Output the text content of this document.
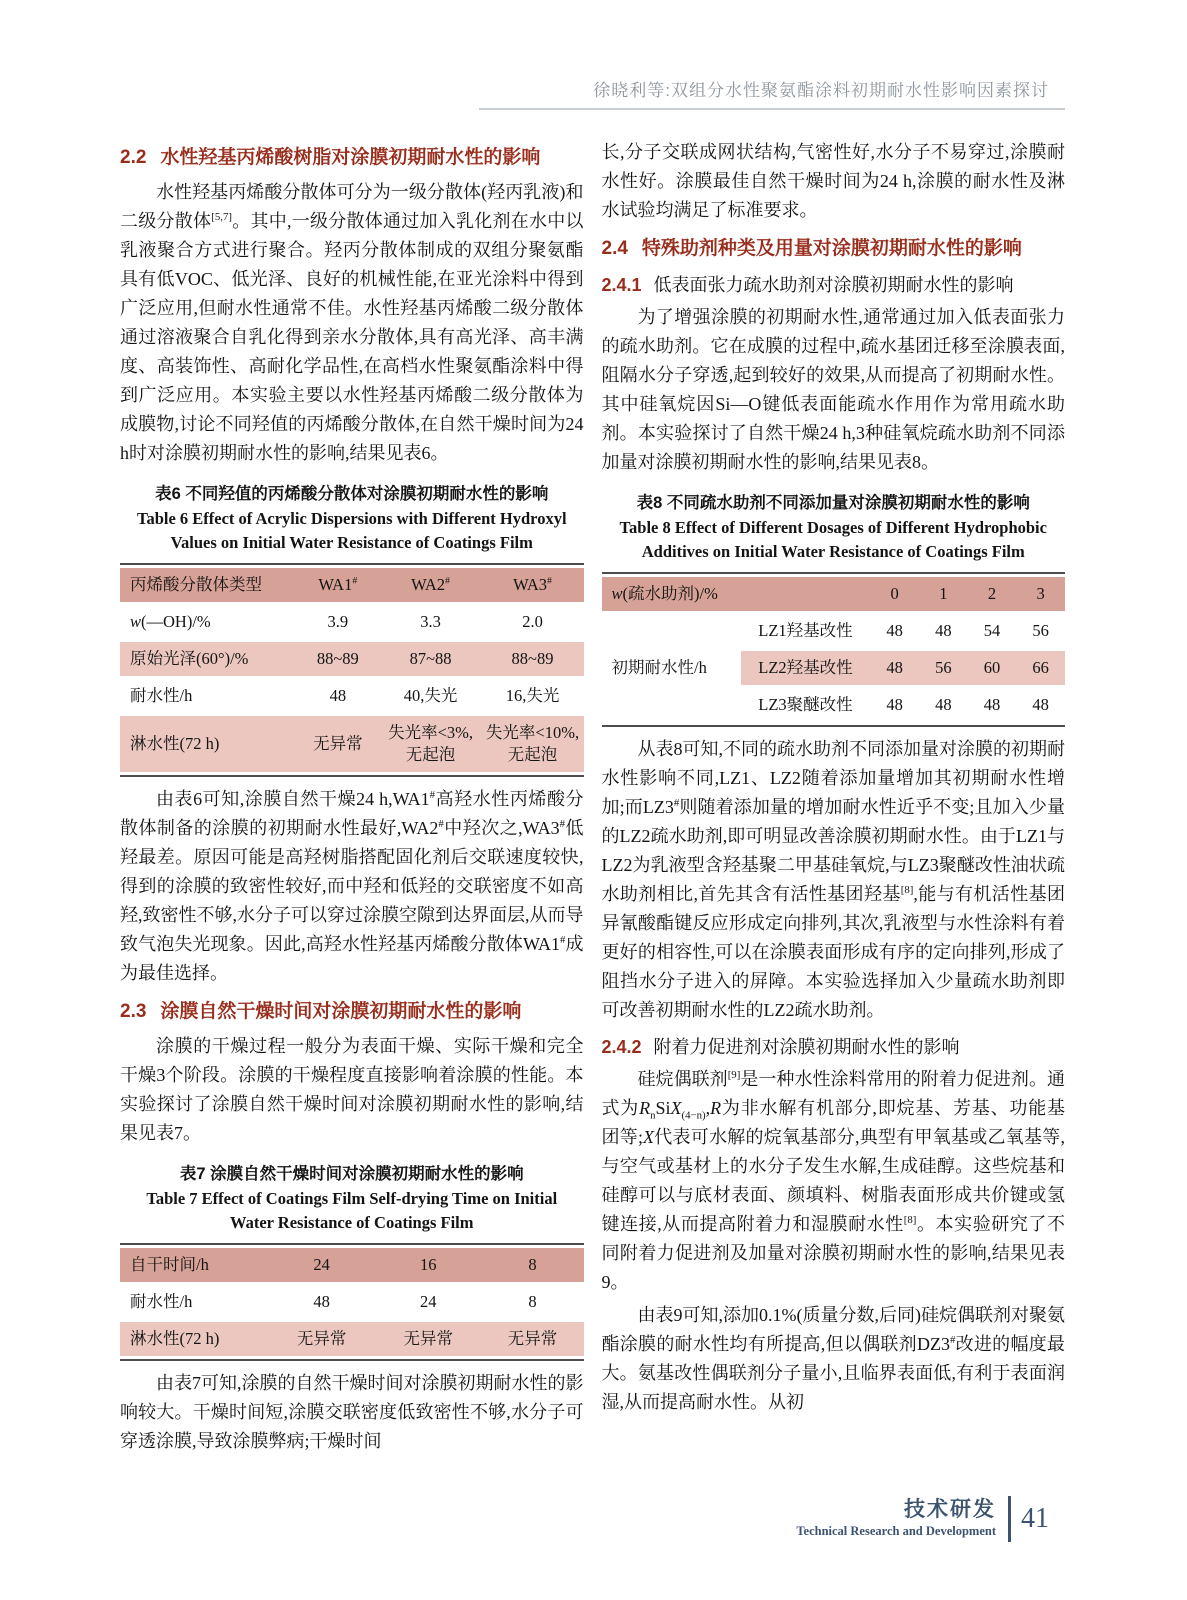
徐晓利等:双组分水性聚氨酯涂料初期耐水性影响因素探讨
2.2 水性羟基丙烯酸树脂对涂膜初期耐水性的影响

水性羟基丙烯酸分散体可分为一级分散体(羟丙乳液)和二级分散体[5,7]。其中,一级分散体通过加入乳化剂在水中以乳液聚合方式进行聚合。羟丙分散体制成的双组分聚氨酯具有低VOC、低光泽、良好的机械性能,在亚光涂料中得到广泛应用,但耐水性通常不佳。水性羟基丙烯酸二级分散体通过溶液聚合自乳化得到亲水分散体,具有高光泽、高丰满度、高装饰性、高耐化学品性,在高档水性聚氨酯涂料中得到广泛应用。本实验主要以水性羟基丙烯酸二级分散体为成膜物,讨论不同羟值的丙烯酸分散体,在自然干燥时间为24 h时对涂膜初期耐水性的影响,结果见表6。

表6 不同羟值的丙烯酸分散体对涂膜初期耐水性的影响
Table 6 Effect of Acrylic Dispersions with Different Hydroxyl Values on Initial Water Resistance of Coatings Film
丙烯酸分散体类型	WA1#	WA2#	WA3#
w(—OH)/%	3.9	3.3	2.0
原始光泽(60°)/%	88~89	87~88	88~89
耐水性/h	48	40,失光	16,失光
淋水性(72 h)	无异常	失光率<3%,无起泡	失光率<10%,无起泡

由表6可知,涂膜自然干燥24 h,WA1#高羟水性丙烯酸分散体制备的涂膜的初期耐水性最好,WA2#中羟次之,WA3#低羟最差。原因可能是高羟树脂搭配固化剂后交联速度较快,得到的涂膜的致密性较好,而中羟和低羟的交联密度不如高羟,致密性不够,水分子可以穿过涂膜空隙到达界面层,从而导致气泡失光现象。因此,高羟水性羟基丙烯酸分散体WA1#成为最佳选择。

2.3 涂膜自然干燥时间对涂膜初期耐水性的影响

涂膜的干燥过程一般分为表面干燥、实际干燥和完全干燥3个阶段。涂膜的干燥程度直接影响着涂膜的性能。本实验探讨了涂膜自然干燥时间对涂膜初期耐水性的影响,结果见表7。

表7 涂膜自然干燥时间对涂膜初期耐水性的影响
Table 7 Effect of Coatings Film Self-drying Time on Initial Water Resistance of Coatings Film
自干时间/h	24	16	8
耐水性/h	48	24	8
淋水性(72 h)	无异常	无异常	无异常

由表7可知,涂膜的自然干燥时间对涂膜初期耐水性的影响较大。干燥时间短,涂膜交联密度低致密性不够,水分子可穿透涂膜,导致涂膜弊病;干燥时间

长,分子交联成网状结构,气密性好,水分子不易穿过,涂膜耐水性好。涂膜最佳自然干燥时间为24 h,涂膜的耐水性及淋水试验均满足了标准要求。

2.4 特殊助剂种类及用量对涂膜初期耐水性的影响
2.4.1 低表面张力疏水助剂对涂膜初期耐水性的影响

为了增强涂膜的初期耐水性,通常通过加入低表面张力的疏水助剂。它在成膜的过程中,疏水基团迁移至涂膜表面,阻隔水分子穿透,起到较好的效果,从而提高了初期耐水性。其中硅氧烷因Si—O键低表面能疏水作用作为常用疏水助剂。本实验探讨了自然干燥24 h,3种硅氧烷疏水助剂不同添加量对涂膜初期耐水性的影响,结果见表8。

表8 不同疏水助剂不同添加量对涂膜初期耐水性的影响
Table 8 Effect of Different Dosages of Different Hydrophobic Additives on Initial Water Resistance of Coatings Film
w(疏水助剂)/%		0	1	2	3
初期耐水性/h	LZ1羟基改性	48	48	54	56
	LZ2羟基改性	48	56	60	66
	LZ3聚醚改性	48	48	48	48

从表8可知,不同的疏水助剂不同添加量对涂膜的初期耐水性影响不同,LZ1、LZ2随着添加量增加其初期耐水性增加;而LZ3#则随着添加量的增加耐水性近乎不变;且加入少量的LZ2疏水助剂,即可明显改善涂膜初期耐水性。由于LZ1与LZ2为乳液型含羟基聚二甲基硅氧烷,与LZ3聚醚改性油状疏水助剂相比,首先其含有活性基团羟基[8],能与有机活性基团异氰酸酯键反应形成定向排列,其次,乳液型与水性涂料有着更好的相容性,可以在涂膜表面形成有序的定向排列,形成了阻挡水分子进入的屏障。本实验选择加入少量疏水助剂即可改善初期耐水性的LZ2疏水助剂。

2.4.2 附着力促进剂对涂膜初期耐水性的影响

硅烷偶联剂[9]是一种水性涂料常用的附着力促进剂。通式为$R_nSiX_{(4-n)},R$为非水解有机部分,即烷基、芳基、功能基团等;X代表可水解的烷氧基部分,典型有甲氧基或乙氧基等,与空气或基材上的水分子发生水解,生成硅醇。这些烷基和硅醇可以与底材表面、颜填料、树脂表面形成共价键或氢键连接,从而提高附着力和湿膜耐水性[8]。本实验研究了不同附着力促进剂及加量对涂膜初期耐水性的影响,结果见表9。

由表9可知,添加0.1%(质量分数,后同)硅烷偶联剂对聚氨酯涂膜的耐水性均有所提高,但以偶联剂DZ3#改进的幅度最大。氨基改性偶联剂分子量小,且临界表面低,有利于表面润湿,从而提高耐水性。从初

技术研发
Technical Research and Development 41
